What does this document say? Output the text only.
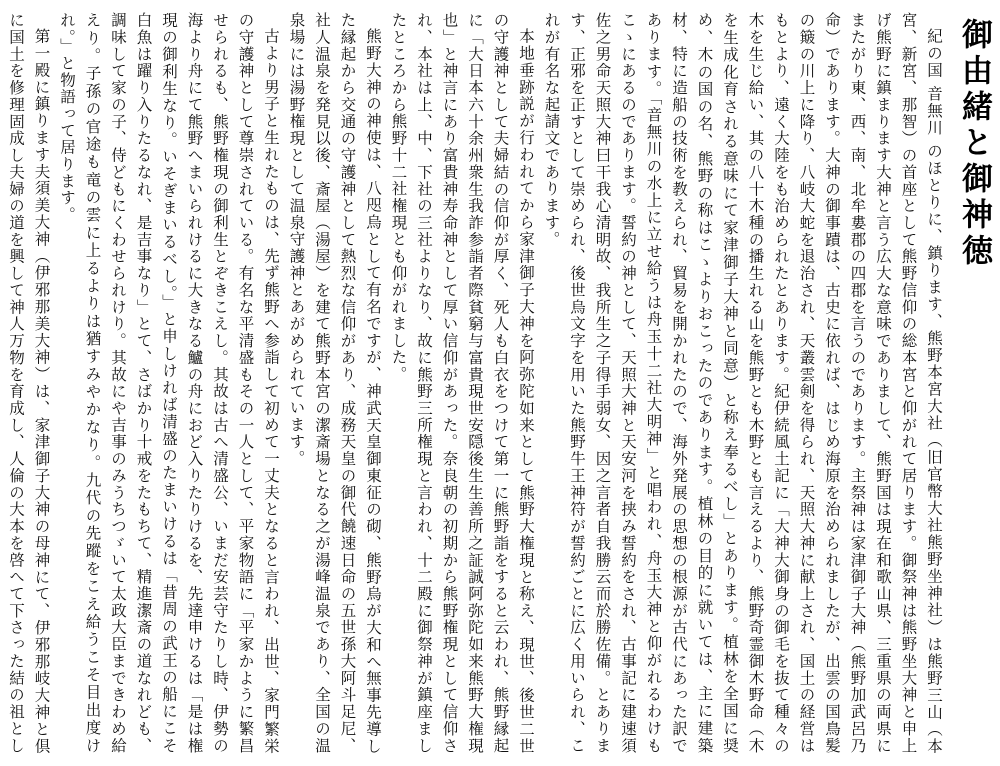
御由緒と御神徳

紀の国 音無川 のほとりに、鎮ります、熊野本宮大社（旧官幣大社熊野坐神社）は熊野三山（本宮、新宮、那智）の首座として熊野信仰の総本宮と仰がれて居ります。御祭神は熊野坐大神と申上げ熊野に鎮まります大神と言う広大な意味でありまして、熊野国は現在和歌山県、三重県の両県にまたがり東、西、南、北牟婁郡の四郡を言うのであります。主祭神は家津御子大神（熊野加武呂乃命）であります。大神の御事蹟は、古史に依れば、はじめ海原を治められましたが、出雲の国鳥髪の簸の川上に降り、八岐大蛇を退治され、天叢雲剣を得られ、天照大神に献上され、国土の経営はもとより、遠く大陸をも治められたとあります。紀伊続風土記に「大神大御身の御毛を抜て種々の木を生じ給い、其の八十木種の播生れる山を熊野とも木野とも言えるより、熊野奇霊御木野命（木を生成化育される意味にて家津御子大神と同意）と称え奉るべし」とあります。植林を全国に奨め、木の国の名、熊野の称はこゝよりおこったのであります。植林の目的に就いては、主に建築材、特に造船の技術を教えられ、貿易を開かれたので、海外発展の思想の根源が古代にあった訳であります。「音無川の水上に立せ給うは舟玉十二社大明神」と唱われ、舟玉大神と仰がれるわけもこゝにあるのであります。誓約の神として、天照大神と天安河を挟み誓約をされ、古事記に建速須佐之男命天照大神曰干我心清明故、我所生之子得手弱女、因之言者自我勝云而於勝佐備。とあります、正邪を正すとして崇められ、後世烏文字を用いた熊野牛王神符が誓約ごとに広く用いられ、これが有名な起請文であります。

本地垂跡説が行われてから家津御子大神を阿弥陀如来として熊野大権現と称え、現世、後世二世の守護神として夫婦結の信仰が厚く、死人も白衣をつけて第一に熊野詣をすると云われ、熊野縁起に「大日本六十余州衆生我詐参詣者際貧窮与富貴現世安隠後生生善所之証誠阿弥陀如来熊野大権現也」と神言にあり富貴神寿命神として厚い信仰があった。奈良朝の初期から熊野権現として信仰され、本社は上、中、下社の三社よりなり、故に熊野三所権現と言われ、十二殿に御祭神が鎮座ましたところから熊野十二社権現とも仰がれました。

熊野大神の神使は、八咫烏として有名ですが、神武天皇御東征の砌、熊野烏が大和へ無事先導した縁起から交通の守護神として熱烈な信仰があり、成務天皇の御代饒速日命の五世孫大阿斗足尼、社人温泉を発見以後、斎屋（湯屋）を建て熊野本宮の潔斎場となる之が湯峰温泉であり、全国の温泉場には湯野権現として温泉守護神とあがめられています。

古より男子と生れたものは、先ず熊野へ参詣して初めて一丈夫となると言われ、出世、家門繁栄の守護神として尊崇されている。有名な平清盛もその一人として、平家物語に「平家かように繁昌せられるも、熊野権現の御利生とぞきこえし。其故は古へ清盛公、いまだ安芸守たりし時、伊勢の海より舟にて熊野へまいられけるに大きなる鱸の舟におど入りたりけるを、先達申けるは「是は権現の御利生なり。いそぎまいるべし。」と申しければ清盛のたまいけるは「昔周の武王の船にこそ白魚は躍り入りたるなれ、是吉事なり」とて、さばかり十戒をたもちて、精進潔斎の道なれども、調味して家の子、侍どもにくわせられけり。其故にや吉事のみうちつゞいて太政大臣まできわめ給えり。子孫の官途も竜の雲に上るよりは猶すみやかなり。九代の先蹤をこえ給うこそ目出度けれ。」と物語って居ります。

第一殿に鎮ります夫須美大神（伊邪那美大神）は、家津御子大神の母神にて、伊邪那岐大神と倶に国土を修理固成し夫婦の道を興して神人万物を育成し、人倫の大本を啓へて下さった結の祖とし
